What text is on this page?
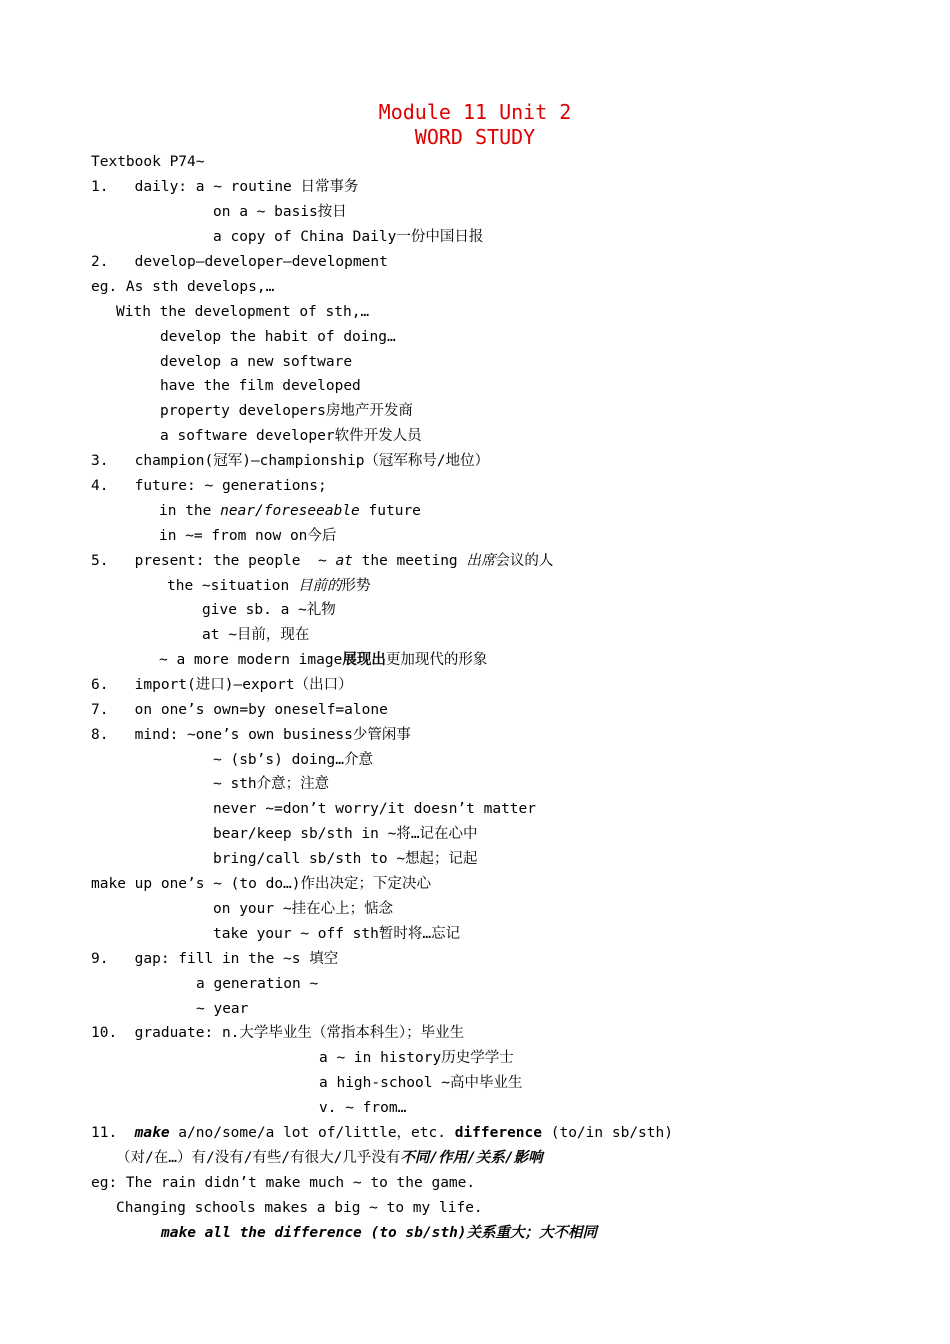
Module 11 Unit 2
WORD STUDY
Textbook P74~
1.   daily: a ~ routine 日常事务
on a ~ basis按日
a copy of China Daily一份中国日报
2.   develop—developer—development
eg. As sth develops,…
With the development of sth,…
develop the habit of doing…
develop a new software
have the film developed
property developers房地产开发商
a software developer软件开发人员
3.   champion(冠军)—championship（冠军称号/地位）
4.   future: ~ generations;
in the near/foreseeable future
in ~= from now on今后
5.   present: the people  ~ at the meeting 出席会议的人
the ~situation 目前的形势
give sb. a ~礼物
at ~目前，现在
~ a more modern image展现出更加现代的形象
6.   import(进口)—export（出口）
7.   on one’s own=by oneself=alone
8.   mind: ~one’s own business少管闲事
~ (sb’s) doing…介意
~ sth介意；注意
never ~=don’t worry/it doesn’t matter
bear/keep sb/sth in ~将…记在心中
bring/call sb/sth to ~想起；记起
make up one’s ~ (to do…)作出决定；下定决心
on your ~挂在心上；惦念
take your ~ off sth暂时将…忘记
9.   gap: fill in the ~s 填空
a generation ~
~ year
10.  graduate: n.大学毕业生（常指本科生）；毕业生
a ~ in history历史学学士
a high-school ~高中毕业生
v. ~ from…
11.  make a/no/some/a lot of/little，etc. difference (to/in sb/sth)
（对/在…）有/没有/有些/有很大/几乎没有不同/作用/关系/影响
eg: The rain didn’t make much ~ to the game.
Changing schools makes a big ~ to my life.
make all the difference (to sb/sth)关系重大；大不相同
